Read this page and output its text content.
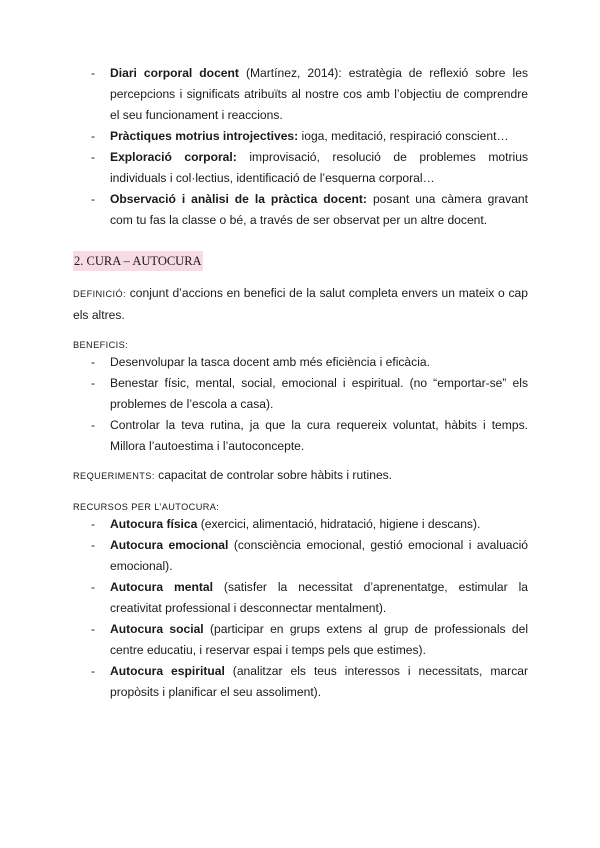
- Diari corporal docent (Martínez, 2014): estratègia de reflexió sobre les percepcions i significats atribuïts al nostre cos amb l’objectiu de comprendre el seu funcionament i reaccions.
- Pràctiques motrius introjectives: ioga, meditació, respiració conscient…
- Exploració corporal: improvisació, resolució de problemes motrius individuals i col·lectius, identificació de l’esquerna corporal…
- Observació i anàlisi de la pràctica docent: posant una càmera gravant com tu fas la classe o bé, a través de ser observat per un altre docent.
2. CURA – AUTOCURA
DEFINICIÓ: conjunt d’accions en benefici de la salut completa envers un mateix o cap els altres.
BENEFICIS:
- Desenvolupar la tasca docent amb més eficiència i eficàcia.
- Benestar físic, mental, social, emocional i espiritual. (no “emportar-se” els problemes de l’escola a casa).
- Controlar la teva rutina, ja que la cura requereix voluntat, hàbits i temps. Millora l’autoestima i l’autoconcepte.
REQUERIMENTS: capacitat de controlar sobre hàbits i rutines.
RECURSOS PER L’AUTOCURA:
- Autocura física (exercici, alimentació, hidratació, higiene i descans).
- Autocura emocional (consciència emocional, gestió emocional i avaluació emocional).
- Autocura mental (satisfer la necessitat d’aprenentatge, estimular la creativitat professional i desconnectar mentalment).
- Autocura social (participar en grups extens al grup de professionals del centre educatiu, i reservar espai i temps pels que estimes).
- Autocura espiritual (analitzar els teus interessos i necessitats, marcar propòsits i planificar el seu assoliment).
